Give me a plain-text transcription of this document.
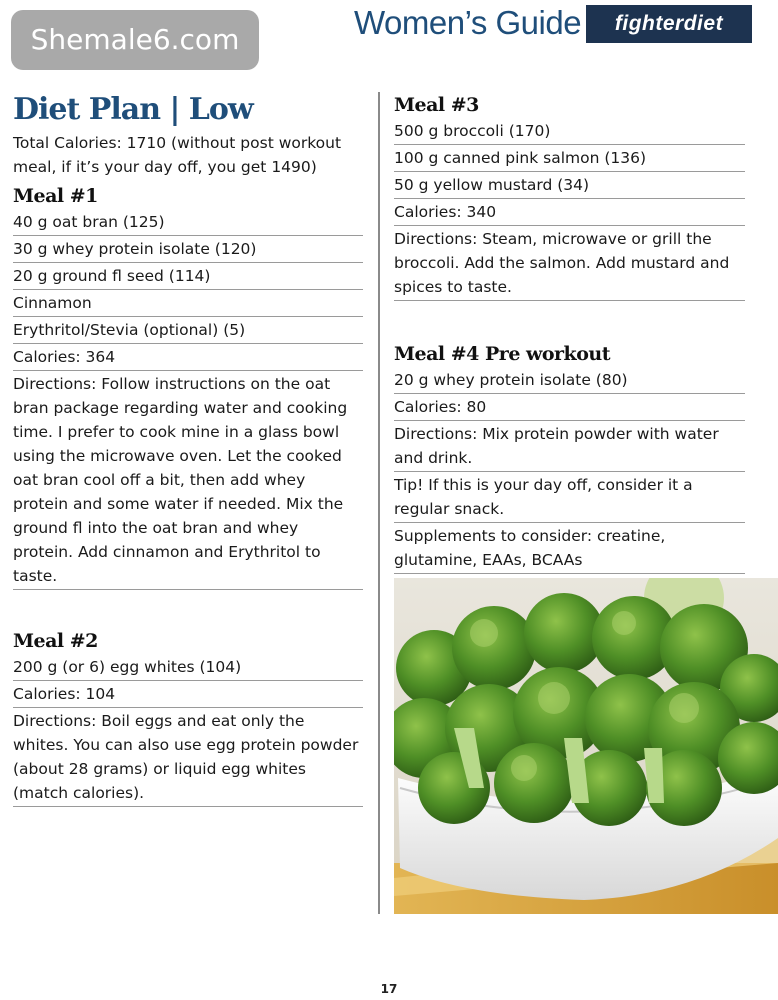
Women’s Guide	fighterdiet
Shemale6.com
Diet Plan | Low
Total Calories: 1710 (without post workout meal, if it’s your day off, you get 1490)
Meal #1
40 g oat bran (125)
30 g whey protein isolate (120)
20 g ground fl seed (114)
Cinnamon
Erythritol/Stevia (optional) (5)
Calories: 364
Directions: Follow instructions on the oat bran package regarding water and cooking time. I prefer to cook mine in a glass bowl using the microwave oven. Let the cooked oat bran cool off a bit, then add whey protein and some water if needed. Mix the ground fl into the oat bran and whey protein. Add cinnamon and Erythritol to taste.
Meal #2
200 g (or 6) egg whites (104)
Calories: 104
Directions: Boil eggs and eat only the whites. You can also use egg protein powder (about 28 grams) or liquid egg whites (match calories).
Meal #3
500 g broccoli (170)
100 g canned pink salmon (136)
50 g yellow mustard (34)
Calories: 340
Directions: Steam, microwave or grill the broccoli. Add the salmon. Add mustard and spices to taste.
Meal #4 Pre workout
20 g whey protein isolate (80)
Calories: 80
Directions: Mix protein powder with water and drink.
Tip! If this is your day off, consider it a regular snack.
Supplements to consider: creatine, glutamine, EAAs, BCAAs
17
